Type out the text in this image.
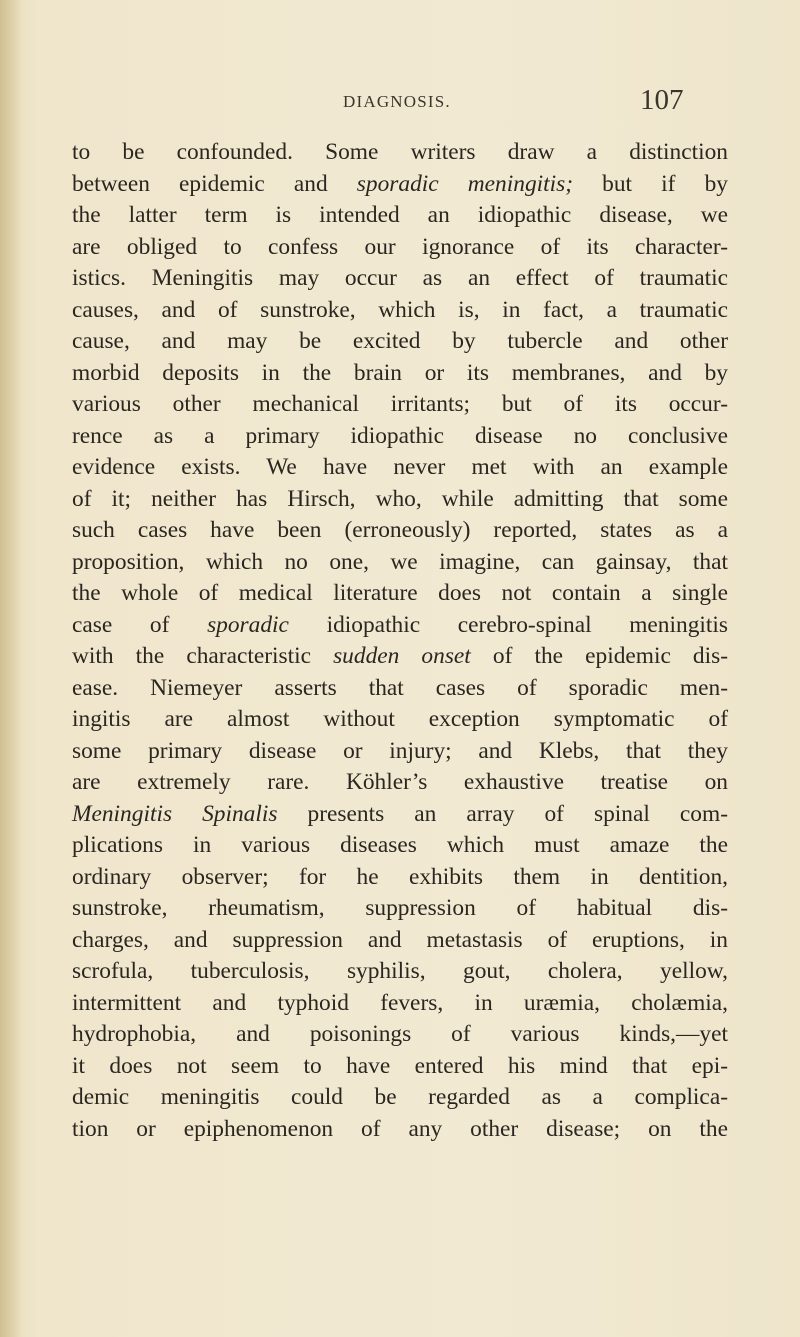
DIAGNOSIS.	107
to be confounded. Some writers draw a distinction
between epidemic and sporadic meningitis; but if by
the latter term is intended an idiopathic disease, we
are obliged to confess our ignorance of its character-
istics. Meningitis may occur as an effect of traumatic
causes, and of sunstroke, which is, in fact, a traumatic
cause, and may be excited by tubercle and other
morbid deposits in the brain or its membranes, and by
various other mechanical irritants; but of its occur-
rence as a primary idiopathic disease no conclusive
evidence exists. We have never met with an example
of it; neither has Hirsch, who, while admitting that some
such cases have been (erroneously) reported, states as a
proposition, which no one, we imagine, can gainsay, that
the whole of medical literature does not contain a single
case of sporadic idiopathic cerebro-spinal meningitis
with the characteristic sudden onset of the epidemic dis-
ease. Niemeyer asserts that cases of sporadic men-
ingitis are almost without exception symptomatic of
some primary disease or injury; and Klebs, that they
are extremely rare. Köhler’s exhaustive treatise on
Meningitis Spinalis presents an array of spinal com-
plications in various diseases which must amaze the
ordinary observer; for he exhibits them in dentition,
sunstroke, rheumatism, suppression of habitual dis-
charges, and suppression and metastasis of eruptions, in
scrofula, tuberculosis, syphilis, gout, cholera, yellow,
intermittent and typhoid fevers, in uræmia, cholæmia,
hydrophobia, and poisonings of various kinds,—yet
it does not seem to have entered his mind that epi-
demic meningitis could be regarded as a complica-
tion or epiphenomenon of any other disease; on the
